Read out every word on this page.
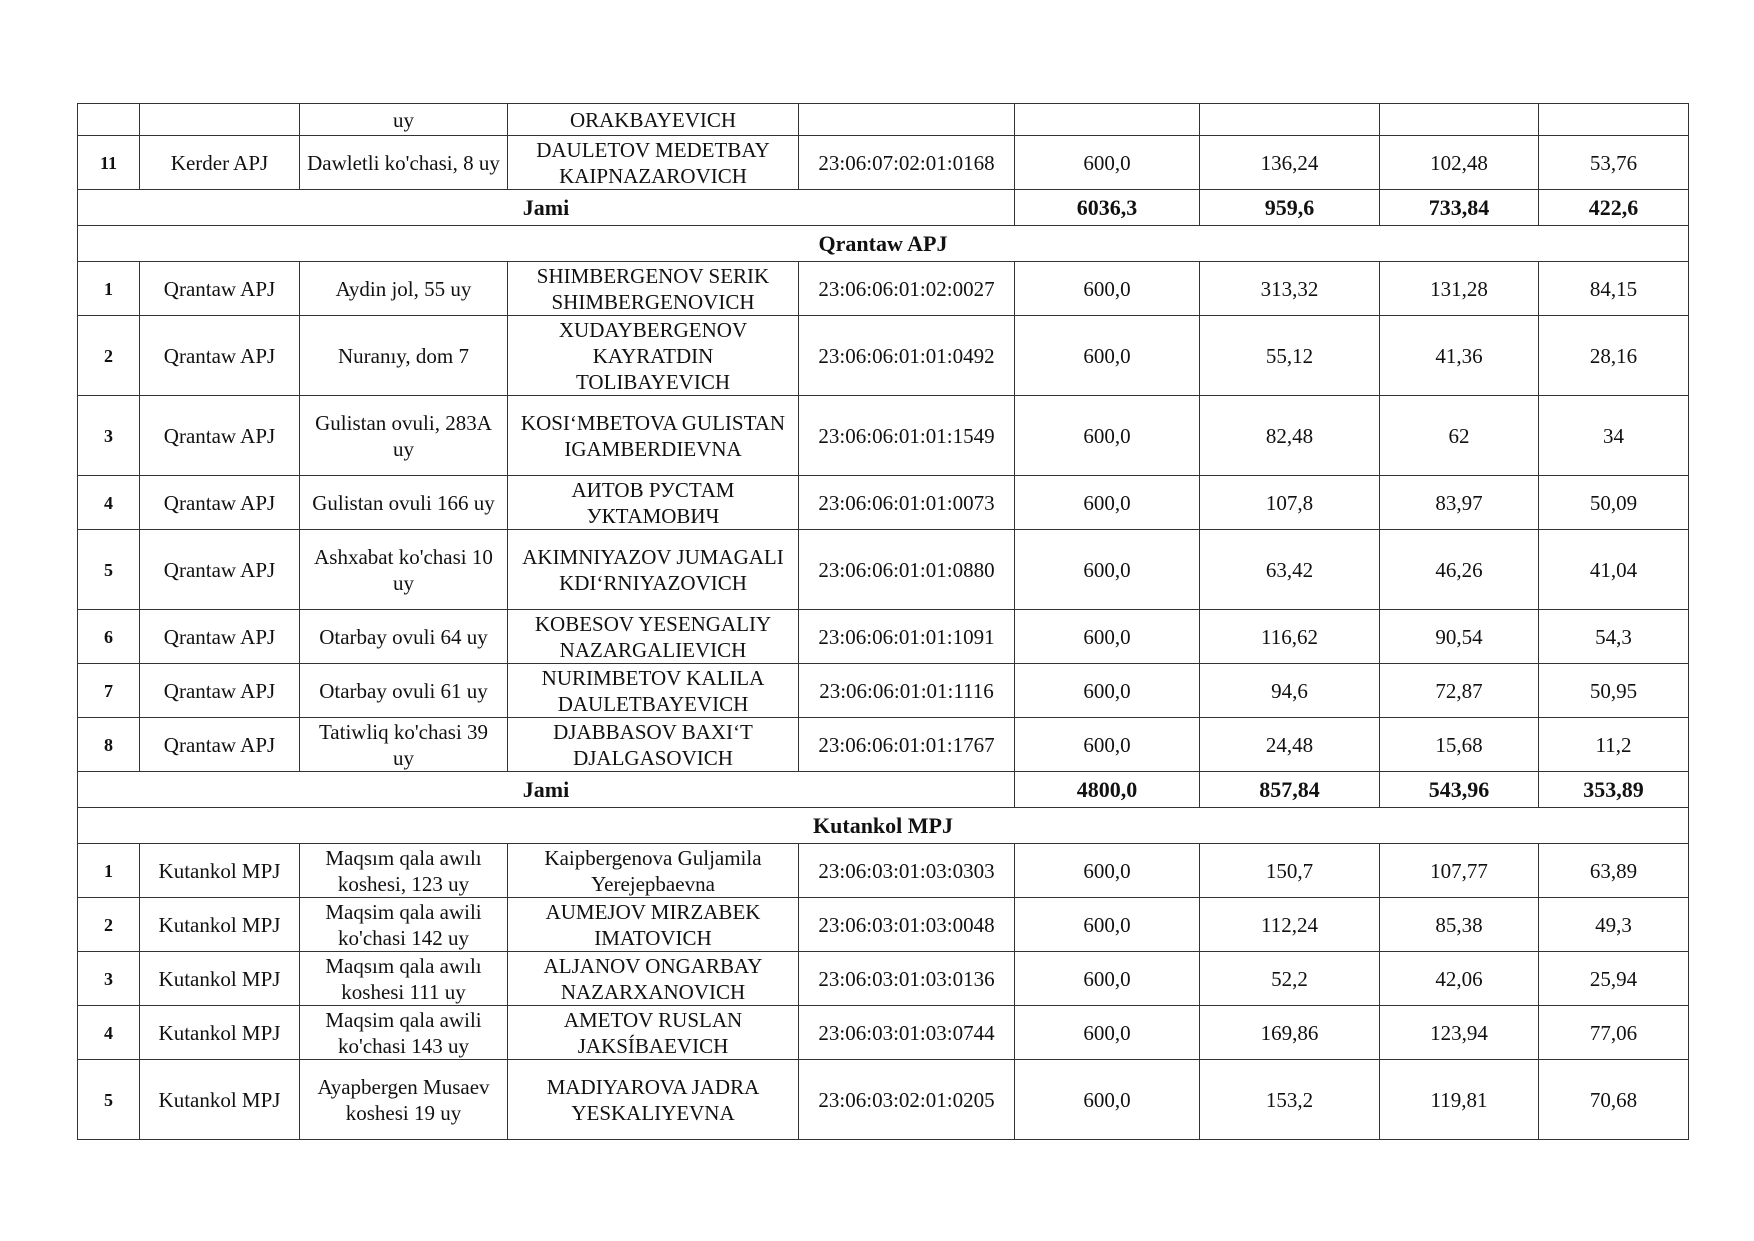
		uy	ORAKBAYEVICH					
11	Kerder APJ	Dawletli ko'chasi, 8 uy	DAULETOV MEDETBAY KAIPNAZAROVICH	23:06:07:02:01:0168	600,0	136,24	102,48	53,76
Jami					6036,3	959,6	733,84	422,6
Qrantaw APJ								
1	Qrantaw APJ	Aydin jol, 55 uy	SHIMBERGENOV SERIK SHIMBERGENOVICH	23:06:06:01:02:0027	600,0	313,32	131,28	84,15
2	Qrantaw APJ	Nuranıy, dom 7	XUDAYBERGENOV KAYRATDIN TOLIBAYEVICH	23:06:06:01:01:0492	600,0	55,12	41,36	28,16
3	Qrantaw APJ	Gulistan ovuli, 283A uy	KOSI‘MBETOVA GULISTAN IGAMBERDIEVNA	23:06:06:01:01:1549	600,0	82,48	62	34
4	Qrantaw APJ	Gulistan ovuli 166 uy	АИТОВ РУСТАМ УКТАМОВИЧ	23:06:06:01:01:0073	600,0	107,8	83,97	50,09
5	Qrantaw APJ	Ashxabat ko'chasi 10 uy	AKIMNIYAZOV JUMAGALI KDI‘RNIYAZOVICH	23:06:06:01:01:0880	600,0	63,42	46,26	41,04
6	Qrantaw APJ	Otarbay ovuli 64 uy	KOBESOV YESENGALIY NAZARGALIEVICH	23:06:06:01:01:1091	600,0	116,62	90,54	54,3
7	Qrantaw APJ	Otarbay ovuli 61 uy	NURIMBETOV KALILA DAULETBAYEVICH	23:06:06:01:01:1116	600,0	94,6	72,87	50,95
8	Qrantaw APJ	Tatiwliq ko'chasi 39 uy	DJABBASOV BAXI‘T DJALGASOVICH	23:06:06:01:01:1767	600,0	24,48	15,68	11,2
Jami					4800,0	857,84	543,96	353,89
Kutankol MPJ								
1	Kutankol MPJ	Maqsım qala awılı koshesi, 123 uy	Kaipbergenova Guljamila Yerejepbaevna	23:06:03:01:03:0303	600,0	150,7	107,77	63,89
2	Kutankol MPJ	Maqsim qala awili ko'chasi 142 uy	AUMEJOV MIRZABEK IMATOVICH	23:06:03:01:03:0048	600,0	112,24	85,38	49,3
3	Kutankol MPJ	Maqsım qala awılı koshesi 111 uy	ALJANOV ONGARBAY NAZARXANOVICH	23:06:03:01:03:0136	600,0	52,2	42,06	25,94
4	Kutankol MPJ	Maqsim qala awili ko'chasi 143 uy	AMETOV RUSLAN JAKSÍBAEVICH	23:06:03:01:03:0744	600,0	169,86	123,94	77,06
5	Kutankol MPJ	Ayapbergen Musaev koshesi 19 uy	MADIYAROVA JADRA YESKALIYEVNA	23:06:03:02:01:0205	600,0	153,2	119,81	70,68
